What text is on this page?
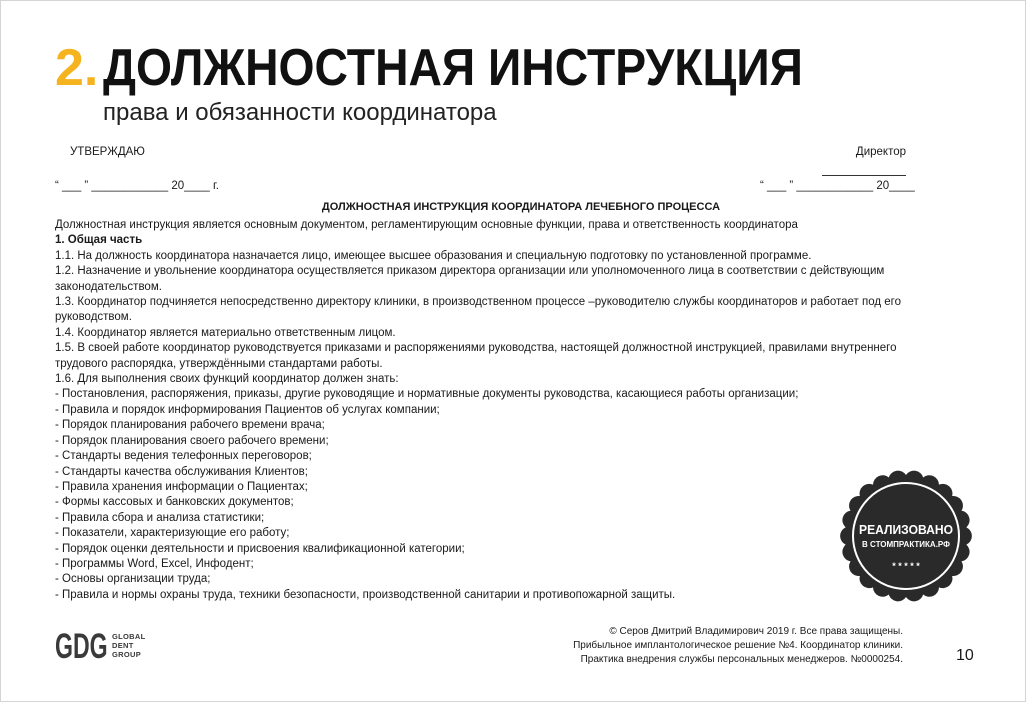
2. ДОЛЖНОСТНАЯ ИНСТРУКЦИЯ
права и обязанности координатора
УТВЕРЖДАЮ	Директор
“ ___ ” ____________ 20____ г.	“ ___ ” ____________ 20____
ДОЛЖНОСТНАЯ ИНСТРУКЦИЯ КООРДИНАТОРА ЛЕЧЕБНОГО ПРОЦЕССА

Должностная инструкция является основным документом, регламентирующим основные функции, права и ответственность координатора

1. Общая часть

1.1. На должность координатора назначается лицо, имеющее высшее образования и специальную подготовку по установленной программе.

1.2. Назначение и увольнение координатора осуществляется приказом директора организации или уполномоченного лица в соответствии с действующим законодательством.

1.3. Координатор подчиняется непосредственно директору клиники, в производственном процессе –руководителю службы координаторов и работает под его руководством.

1.4. Координатор является материально ответственным лицом.

1.5. В своей работе координатор руководствуется приказами и распоряжениями руководства, настоящей должностной инструкцией, правилами внутреннего трудового распорядка, утверждёнными стандартами работы.

1.6. Для выполнения своих функций координатор должен знать:

- Постановления, распоряжения, приказы, другие руководящие и нормативные документы руководства, касающиеся работы организации;

- Правила и порядок информирования Пациентов об услугах компании;

- Порядок планирования рабочего времени врача;

- Порядок планирования своего рабочего времени;

- Стандарты ведения телефонных переговоров;

- Стандарты качества обслуживания Клиентов;

- Правила хранения информации о Пациентах;

- Формы кассовых и банковских документов;

- Правила сбора и анализа статистики;

- Показатели, характеризующие его работу;

- Порядок оценки деятельности и присвоения квалификационной категории;

- Программы Word, Excel, Инфодент;

- Основы организации труда;

- Правила и нормы охраны труда, техники безопасности, производственной санитарии и противопожарной защиты.

РЕАЛИЗОВАНО
В СТОМПРАКТИКА.РФ
* * * * *
GDG GLOBAL
DENT
GROUP
© Серов Дмитрий Владимирович 2019 г. Все права защищены.
Прибыльное имплантологическое решение №4. Координатор клиники.
Практика внедрения службы персональных менеджеров. №0000254.	10
